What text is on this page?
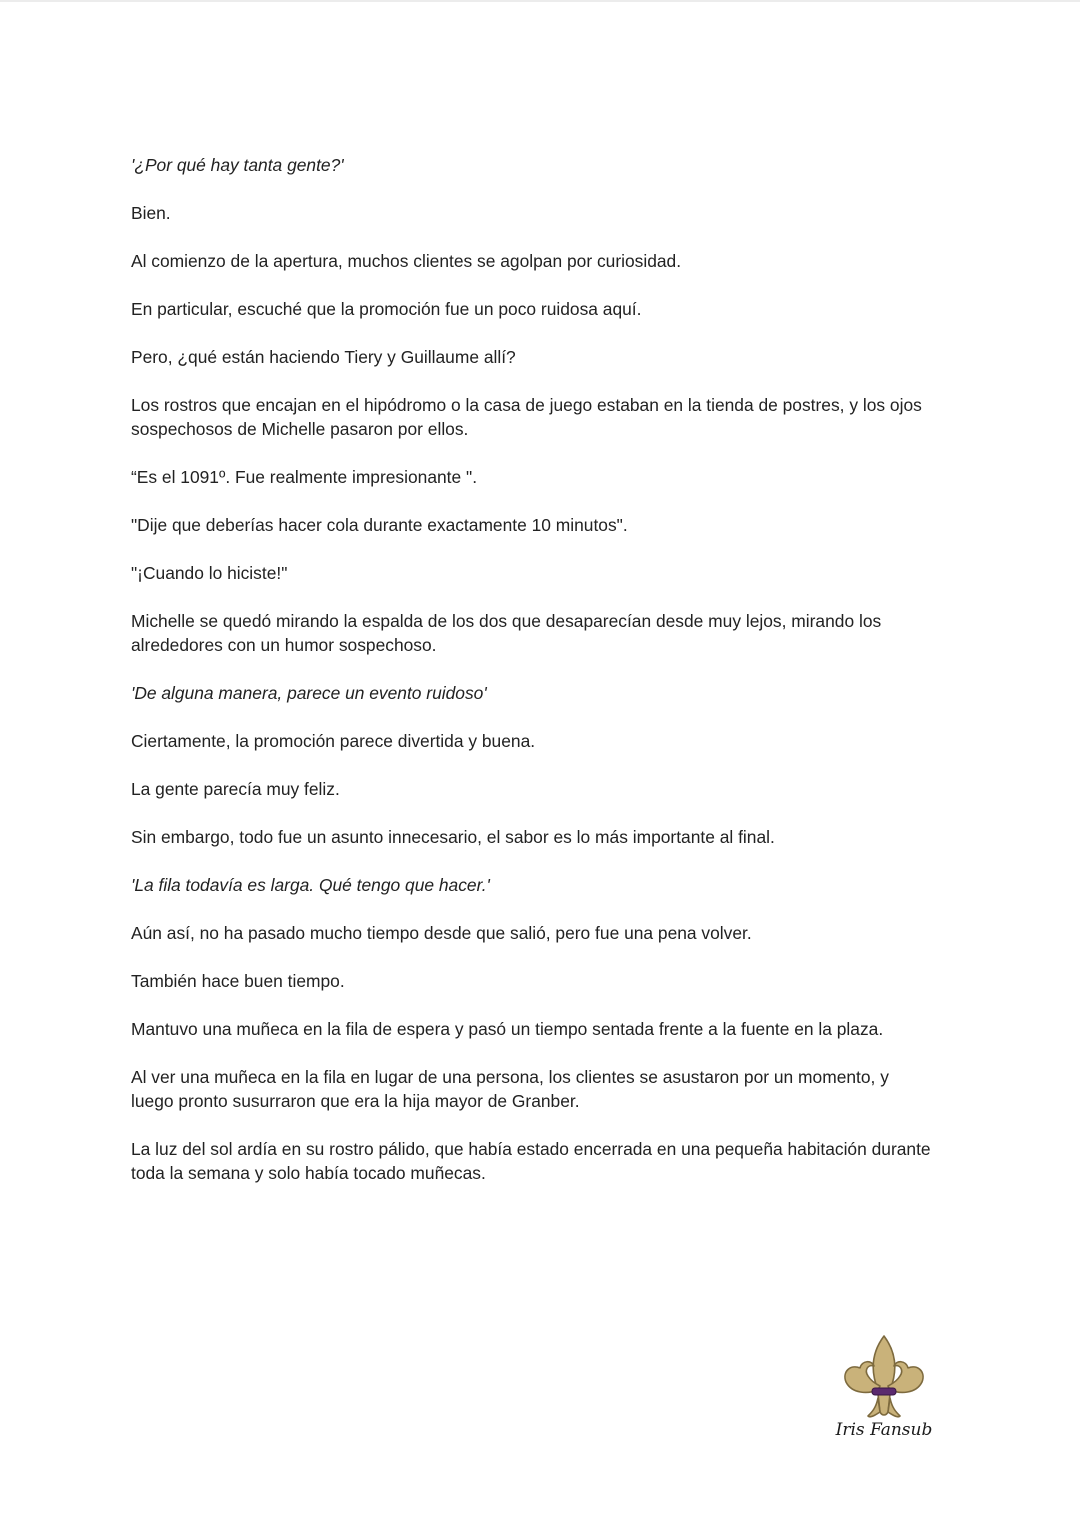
'¿Por qué hay tanta gente?'

Bien.

Al comienzo de la apertura, muchos clientes se agolpan por curiosidad.

En particular, escuché que la promoción fue un poco ruidosa aquí.

Pero, ¿qué están haciendo Tiery y Guillaume allí?

Los rostros que encajan en el hipódromo o la casa de juego estaban en la tienda de postres, y los ojos sospechosos de Michelle pasaron por ellos.

“Es el 1091º. Fue realmente impresionante ".

"Dije que deberías hacer cola durante exactamente 10 minutos".

"¡Cuando lo hiciste!"

Michelle se quedó mirando la espalda de los dos que desaparecían desde muy lejos, mirando los alrededores con un humor sospechoso.

'De alguna manera, parece un evento ruidoso'

Ciertamente, la promoción parece divertida y buena.

La gente parecía muy feliz.

Sin embargo, todo fue un asunto innecesario, el sabor es lo más importante al final.

'La fila todavía es larga. Qué tengo que hacer.'

Aún así, no ha pasado mucho tiempo desde que salió, pero fue una pena volver.

También hace buen tiempo.

Mantuvo una muñeca en la fila de espera y pasó un tiempo sentada frente a la fuente en la plaza.

Al ver una muñeca en la fila en lugar de una persona, los clientes se asustaron por un momento, y luego pronto susurraron que era la hija mayor de Granber.

La luz del sol ardía en su rostro pálido, que había estado encerrada en una pequeña habitación durante toda la semana y solo había tocado muñecas.

Iris Fansub
